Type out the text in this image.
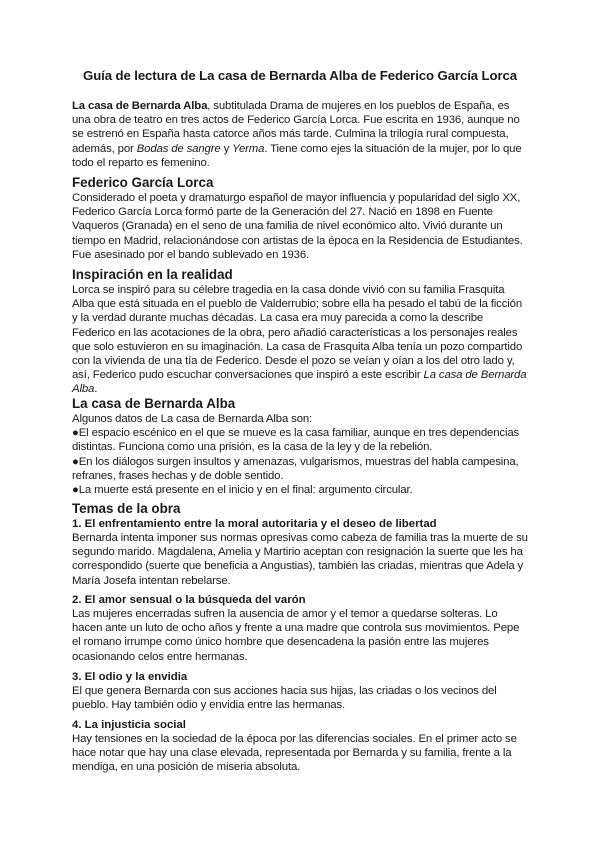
Guía de lectura de La casa de Bernarda Alba de Federico García Lorca

La casa de Bernarda Alba, subtitulada Drama de mujeres en los pueblos de España, es una obra de teatro en tres actos de Federico García Lorca. Fue escrita en 1936, aunque no se estrenó en España hasta catorce años más tarde. Culmina la trilogía rural compuesta, además, por Bodas de sangre y Yerma. Tiene como ejes la situación de la mujer, por lo que todo el reparto es femenino.

Federico García Lorca

Considerado el poeta y dramaturgo español de mayor influencia y popularidad del siglo XX, Federico García Lorca formó parte de la Generación del 27. Nació en 1898 en Fuente Vaqueros (Granada) en el seno de una familia de nivel económico alto. Vivió durante un tiempo en Madrid, relacionándose con artistas de la época en la Residencia de Estudiantes. Fue asesinado por el bando sublevado en 1936.

Inspiración en la realidad

Lorca se inspiró para su célebre tragedia en la casa donde vivió con su familia Frasquita Alba que está situada en el pueblo de Valderrubio; sobre ella ha pesado el tabú de la ficción y la verdad durante muchas décadas. La casa era muy parecida a como la describe Federico en las acotaciones de la obra, pero añadió características a los personajes reales que solo estuvieron en su imaginación. La casa de Frasquita Alba tenía un pozo compartido con la vivienda de una tía de Federico. Desde el pozo se veían y oían a los del otro lado y, así, Federico pudo escuchar conversaciones que inspiró a este escribir La casa de Bernarda Alba.

La casa de Bernarda Alba

Algunos datos de La casa de Bernarda Alba son:

●El espacio escénico en el que se mueve es la casa familiar, aunque en tres dependencias distintas. Funciona como una prisión, es la casa de la ley y de la rebelión.

●En los diálogos surgen insultos y amenazas, vulgarismos, muestras del habla campesina, refranes, frases hechas y de doble sentido.

●La muerte está presente en el inicio y en el final: argumento circular.

Temas de la obra
1. El enfrentamiento entre la moral autoritaria y el deseo de libertad

Bernarda intenta imponer sus normas opresivas como cabeza de familia tras la muerte de su segundo marido. Magdalena, Amelia y Martirio aceptan con resignación la suerte que les ha correspondido (suerte que beneficia a Angustias), también las criadas, mientras que Adela y María Josefa intentan rebelarse.

2. El amor sensual o la búsqueda del varón

Las mujeres encerradas sufren la ausencia de amor y el temor a quedarse solteras. Lo hacen ante un luto de ocho años y frente a una madre que controla sus movimientos. Pepe el romano irrumpe como único hombre que desencadena la pasión entre las mujeres ocasionando celos entre hermanas.

3. El odio y la envidia

El que genera Bernarda con sus acciones hacia sus hijas, las criadas o los vecinos del pueblo. Hay también odio y envidia entre las hermanas.

4. La injusticia social

Hay tensiones en la sociedad de la época por las diferencias sociales. En el primer acto se hace notar que hay una clase elevada, representada por Bernarda y su familia, frente a la mendiga, en una posición de miseria absoluta.
